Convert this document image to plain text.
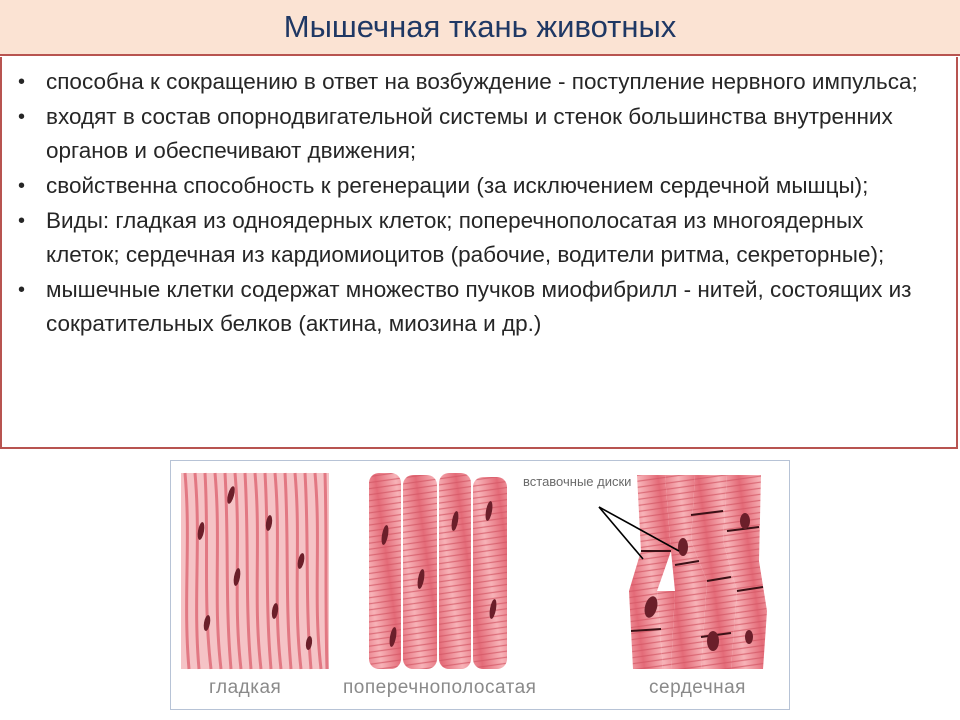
Мышечная ткань животных
• способна к сокращению в ответ на возбуждение - поступление нервного импульса;
• входят в состав опорнодвигательной системы и стенок большинства внутренних органов и обеспечивают движения;
• свойственна способность к регенерации (за исключением сердечной мышцы);
• Виды: гладкая из одноядерных клеток; поперечнополосатая из многоядерных клеток; сердечная из кардиомиоцитов (рабочие, водители ритма, секреторные);
• мышечные клетки содержат множество пучков миофибрилл - нитей, состоящих из сократительных белков (актина, миозина и др.)
вставочные диски
гладкая	поперечнополосатая	сердечная
